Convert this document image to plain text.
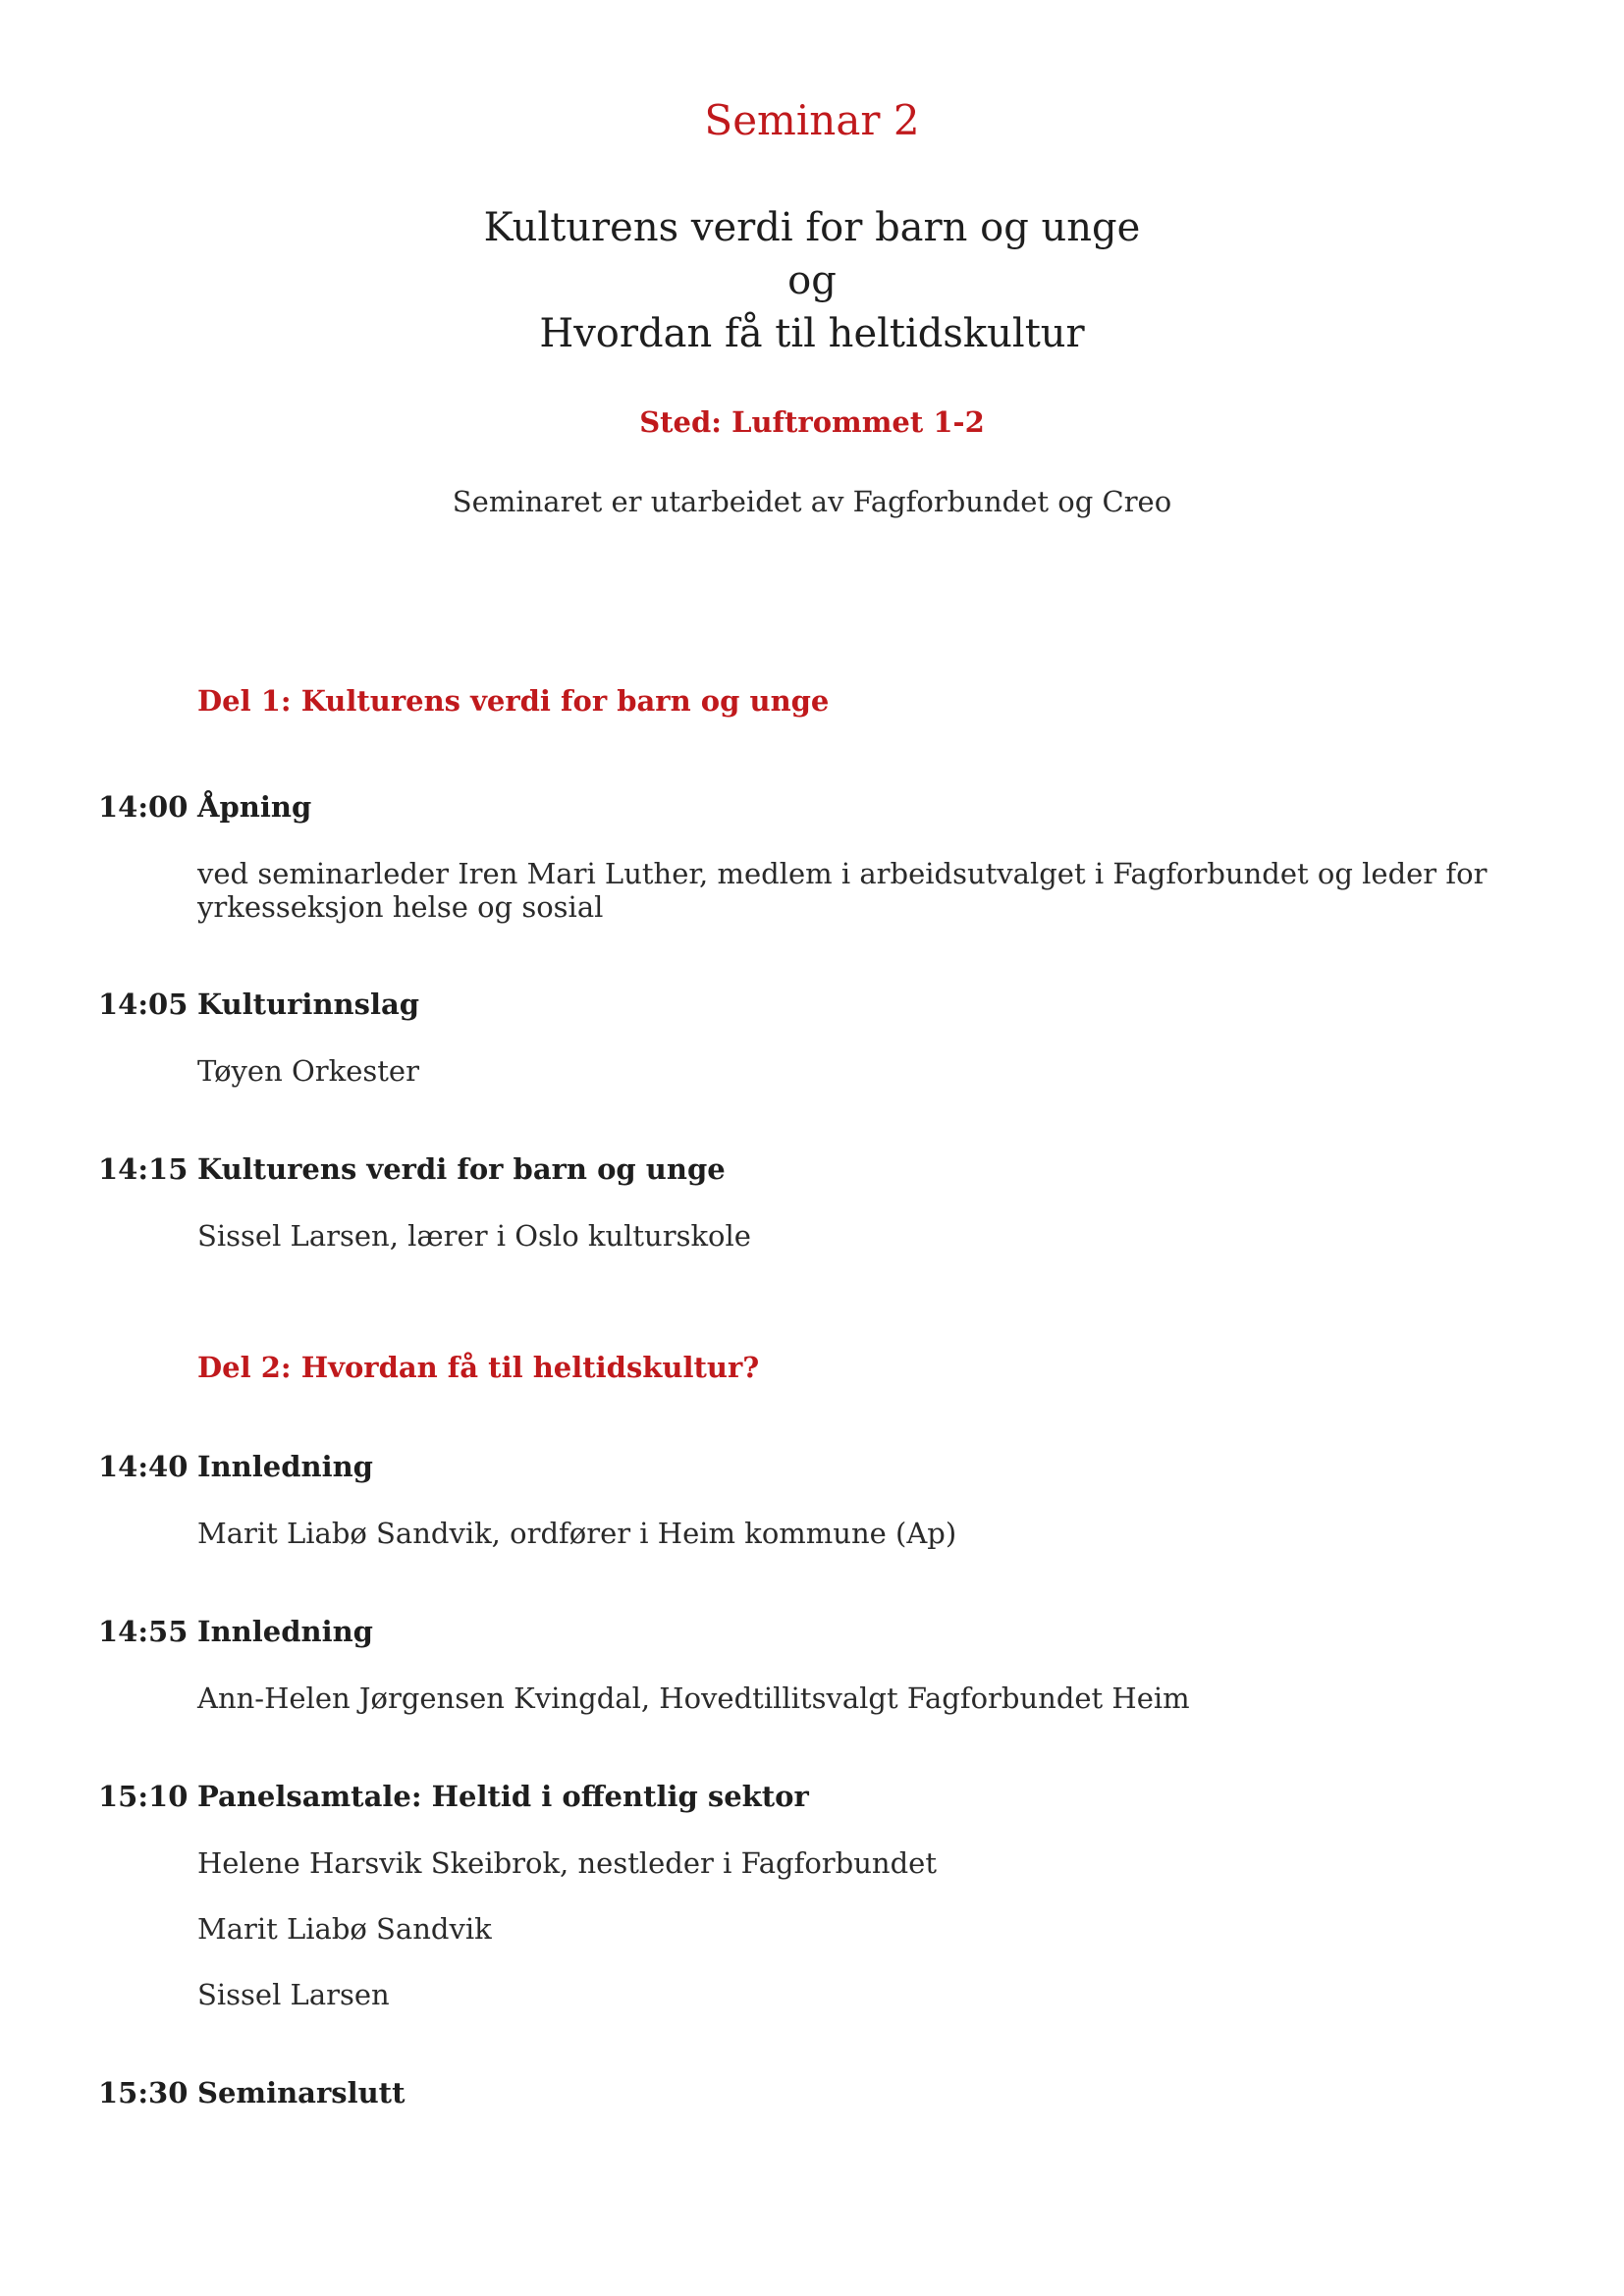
Seminar 2
Kulturens verdi for barn og unge
og
Hvordan få til heltidskultur
Sted: Luftrommet 1-2
Seminaret er utarbeidet av Fagforbundet og Creo
Del 1: Kulturens verdi for barn og unge
14:00 Åpning

ved seminarleder Iren Mari Luther, medlem i arbeidsutvalget i Fagforbundet og leder for yrkesseksjon helse og sosial

14:05 Kulturinnslag

Tøyen Orkester

14:15 Kulturens verdi for barn og unge

Sissel Larsen, lærer i Oslo kulturskole

Del 2: Hvordan få til heltidskultur?
14:40 Innledning

Marit Liabø Sandvik, ordfører i Heim kommune (Ap)

14:55 Innledning

Ann-Helen Jørgensen Kvingdal, Hovedtillitsvalgt Fagforbundet Heim

15:10 Panelsamtale: Heltid i offentlig sektor

Helene Harsvik Skeibrok, nestleder i Fagforbundet

Marit Liabø Sandvik

Sissel Larsen

15:30 Seminarslutt
